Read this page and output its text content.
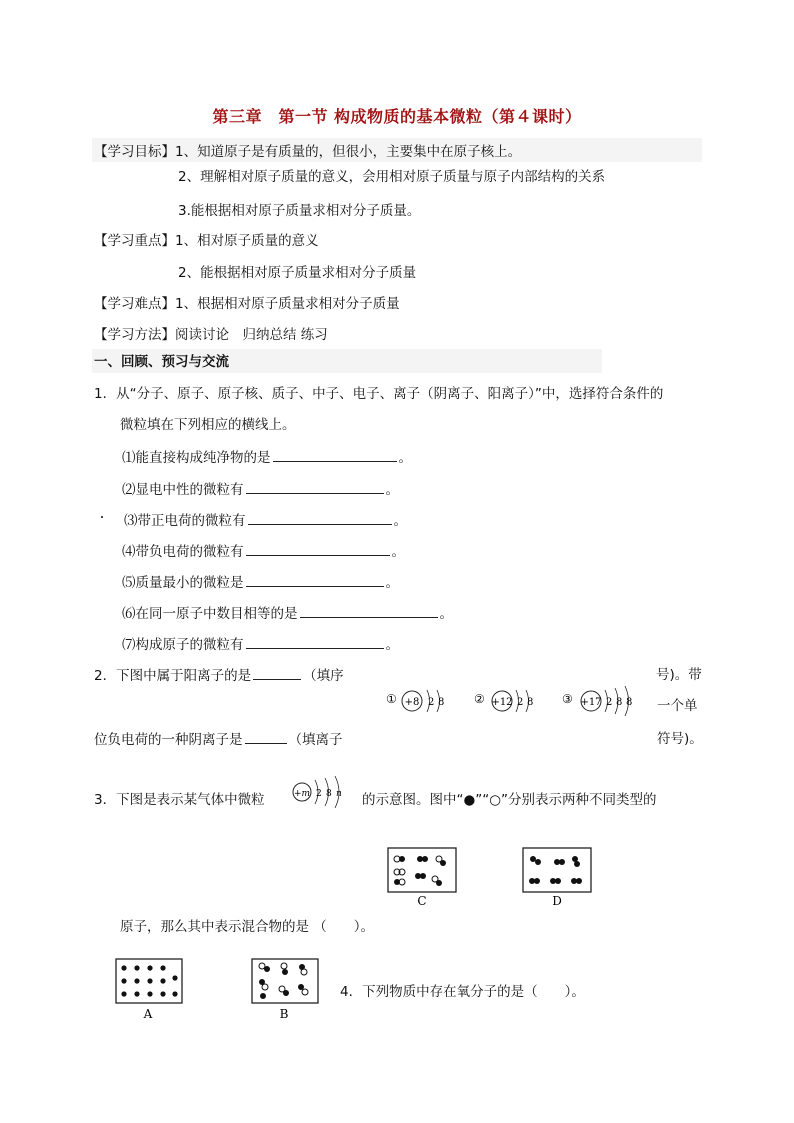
第三章　第一节 构成物质的基本微粒（第４课时）
【学习目标】1、知道原子是有质量的，但很小，主要集中在原子核上。
2、理解相对原子质量的意义，会用相对原子质量与原子内部结构的关系
3.能根据相对原子质量求相对分子质量。
【学习重点】1、相对原子质量的意义
2、能根据相对原子质量求相对分子质量
【学习难点】1、根据相对原子质量求相对分子质量
【学习方法】阅读讨论　归纳总结 练习
一、回顾、预习与交流
1．从“分子、原子、原子核、质子、中子、电子、离子（阴离子、阳离子）”中，选择符合条件的
微粒填在下列相应的横线上。
⑴能直接构成纯净物的是	。
⑵显电中性的微粒有	。
⑶带正电荷的微粒有	。
⑷带负电荷的微粒有	。
⑸质量最小的微粒是	。
⑹在同一原子中数目相等的是	。
⑺构成原子的微粒有	。
2．下图中属于阳离子的是	（填序	号)。带
一个单
位负电荷的一种阴离子是	（填离子	符号)。
① +8 2 8 ② +12 2 8 ③ +17 2 8 8
3．下图是表示某气体中微粒	+m 2 8 n 的示意图。图中“●”“○”分别表示两种不同类型的
C	D
原子，那么其中表示混合物的是 （　　）。
A	B
4．下列物质中存在氧分子的是（　　）。
